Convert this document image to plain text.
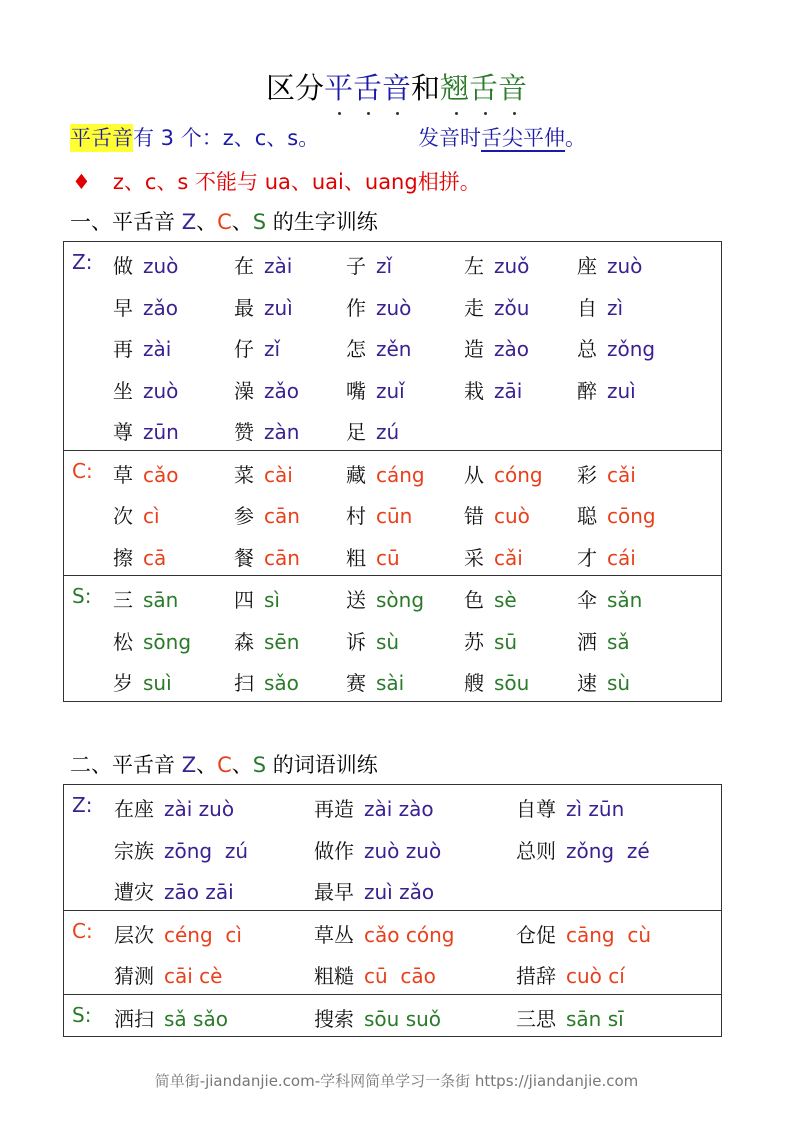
区分平舌音和翘舌音
平舌音有 3 个：z、c、s。	发音时舌尖平伸。
♦ z、c、s 不能与 ua、uai、uang相拼。
一、平舌音 Z、C、S 的生字训练
Z: 做 zuò	在 zài	子 zǐ	左 zuǒ 座 zuò
早 zǎo	最 zuì	作 zuò	走 zǒu 自 zì
再 zài	仔 zǐ	怎 zěn	造 zào 总 zǒng
坐 zuò	澡 zǎo 嘴 zuǐ	栽 zāi	醉 zuì
尊 zūn	赞 zàn 足 zú
C: 草 cǎo	菜 cài	藏 cáng 从 cóng 彩 cǎi
次 cì	参 cān 村 cūn	错 cuò 聪 cōng
擦 cā	餐 cān 粗 cū	采 cǎi	才 cái
S: 三 sān	四 sì	送 sòng 色 sè	伞 sǎn
松 sōng 森 sēn 诉 sù	苏 sū	洒 sǎ
岁 suì	扫 sǎo 赛 sài	艘 sōu 速 sù
二、平舌音 Z、C、S 的词语训练
Z: 在座 zài zuò	再造 zài zào	自尊 zì zūn
宗族 zōng  zú	做作 zuò zuò	总则 zǒng  zé
遭灾 zāo zāi	最早 zuì zǎo
C: 层次 céng  cì	草丛 cǎo cóng	仓促 cāng  cù
猜测 cāi cè	粗糙 cū  cāo	措辞 cuò cí
S: 洒扫 sǎ sǎo	搜索 sōu suǒ	三思 sān sī
简单街-jiandanjie.com-学科网简单学习一条街 https://jiandanjie.com
